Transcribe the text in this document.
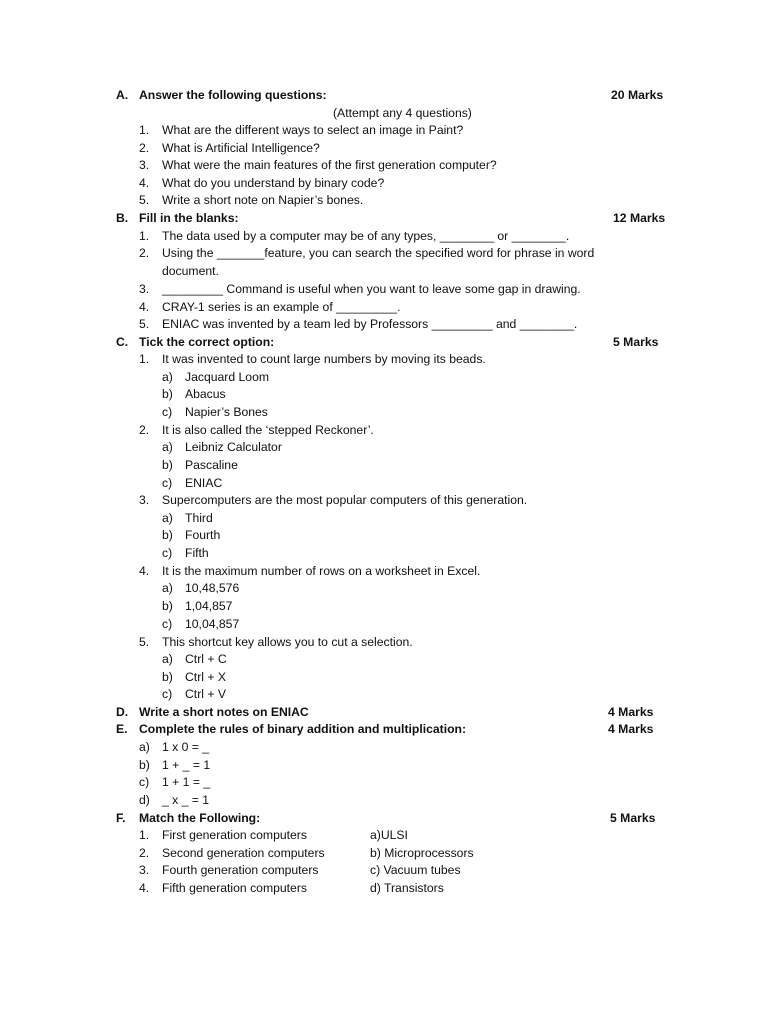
A. Answer the following questions:	20 Marks
(Attempt any 4 questions)
1. What are the different ways to select an image in Paint?
2. What is Artificial Intelligence?
3. What were the main features of the first generation computer?
4. What do you understand by binary code?
5. Write a short note on Napier’s bones.
B. Fill in the blanks:	12 Marks
1. The data used by a computer may be of any types, ________ or ________.
2. Using the _______feature, you can search the specified word for phrase in word
document.
3. _________ Command is useful when you want to leave some gap in drawing.
4. CRAY-1 series is an example of _________.
5. ENIAC was invented by a team led by Professors _________ and ________.
C. Tick the correct option:	5 Marks
1. It was invented to count large numbers by moving its beads.
a) Jacquard Loom
b) Abacus
c) Napier’s Bones
2. It is also called the ‘stepped Reckoner’.
a) Leibniz Calculator
b) Pascaline
c) ENIAC
3. Supercomputers are the most popular computers of this generation.
a) Third
b) Fourth
c) Fifth
4. It is the maximum number of rows on a worksheet in Excel.
a) 10,48,576
b) 1,04,857
c) 10,04,857
5. This shortcut key allows you to cut a selection.
a) Ctrl + C
b) Ctrl + X
c) Ctrl + V
D. Write a short notes on ENIAC	4 Marks
E. Complete the rules of binary addition and multiplication:	4 Marks
a) 1 x 0 = _
b) 1 + _ = 1
c) 1 + 1 = _
d) _ x _ = 1
F. Match the Following:	5 Marks
1. First generation computers	a)ULSI
2. Second generation computers	b) Microprocessors
3. Fourth generation computers	c) Vacuum tubes
4. Fifth generation computers	d) Transistors
